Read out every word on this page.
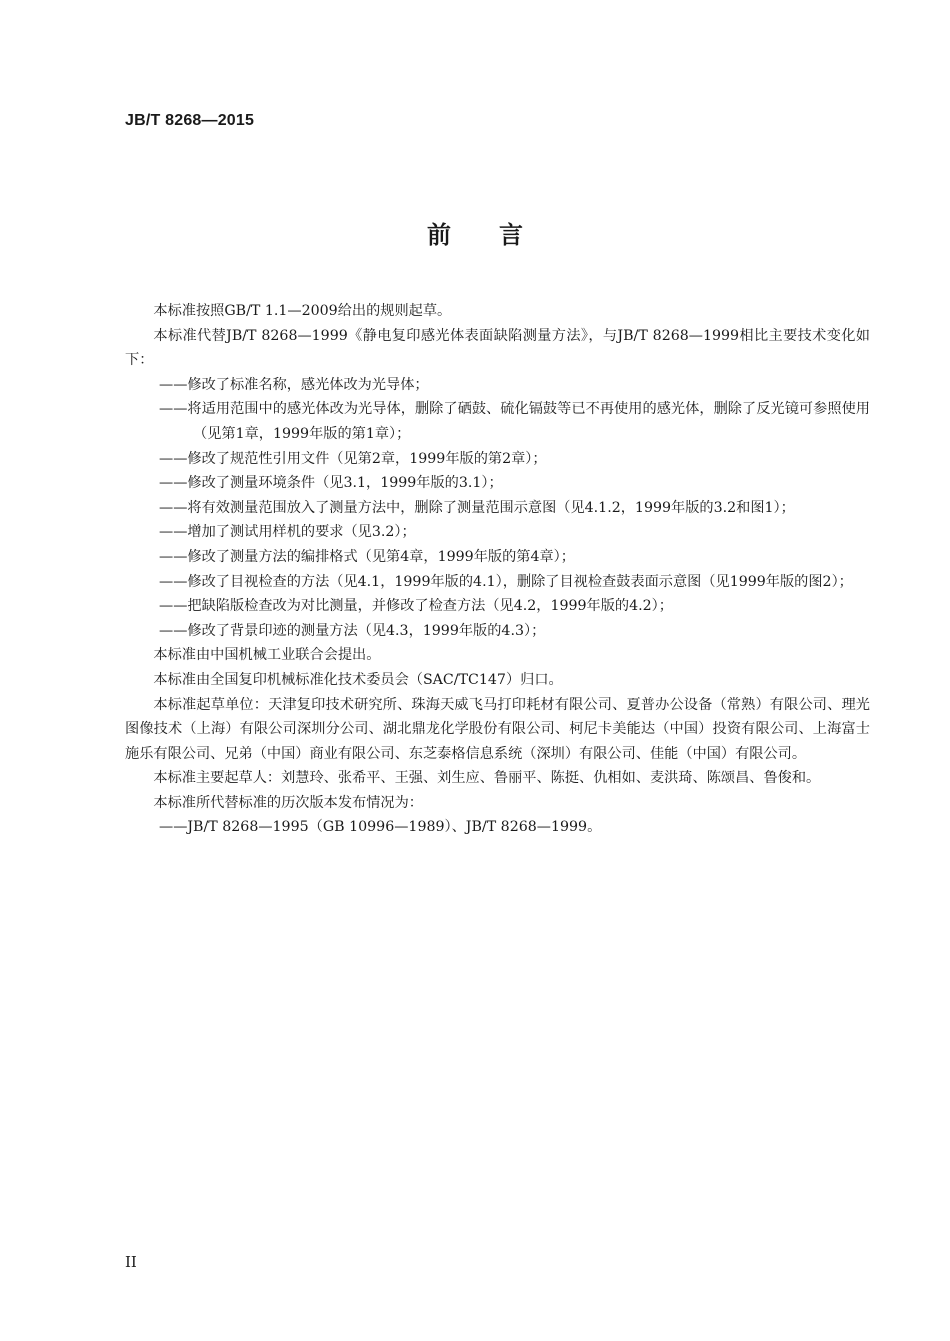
JB/T 8268—2015
前 言

本标准按照GB/T 1.1—2009给出的规则起草。

本标准代替JB/T 8268—1999《静电复印感光体表面缺陷测量方法》，与JB/T 8268—1999相比主要技术变化如下：

——修改了标准名称，感光体改为光导体；

——将适用范围中的感光体改为光导体，删除了硒鼓、硫化镉鼓等已不再使用的感光体，删除了反光镜可参照使用（见第1章，1999年版的第1章）；

——修改了规范性引用文件（见第2章，1999年版的第2章）；

——修改了测量环境条件（见3.1，1999年版的3.1）；

——将有效测量范围放入了测量方法中，删除了测量范围示意图（见4.1.2，1999年版的3.2和图1）；

——增加了测试用样机的要求（见3.2）；

——修改了测量方法的编排格式（见第4章，1999年版的第4章）；

——修改了目视检查的方法（见4.1，1999年版的4.1），删除了目视检查鼓表面示意图（见1999年版的图2）；

——把缺陷版检查改为对比测量，并修改了检查方法（见4.2，1999年版的4.2）；

——修改了背景印迹的测量方法（见4.3，1999年版的4.3）；

本标准由中国机械工业联合会提出。

本标准由全国复印机械标准化技术委员会（SAC/TC147）归口。

本标准起草单位：天津复印技术研究所、珠海天威飞马打印耗材有限公司、夏普办公设备（常熟）有限公司、理光图像技术（上海）有限公司深圳分公司、湖北鼎龙化学股份有限公司、柯尼卡美能达（中国）投资有限公司、上海富士施乐有限公司、兄弟（中国）商业有限公司、东芝泰格信息系统（深圳）有限公司、佳能（中国）有限公司。

本标准主要起草人：刘慧玲、张希平、王强、刘生应、鲁丽平、陈挺、仇相如、麦洪琦、陈颂昌、鲁俊和。

本标准所代替标准的历次版本发布情况为：

——JB/T 8268—1995（GB 10996—1989）、JB/T 8268—1999。

II
